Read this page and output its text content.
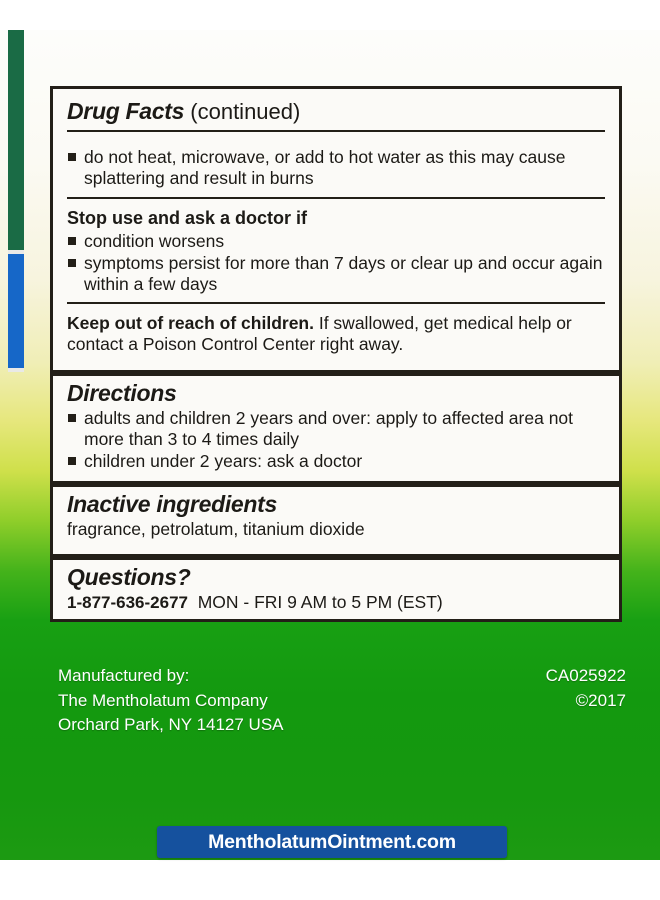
Drug Facts (continued)
do not heat, microwave, or add to hot water as this may cause splattering and result in burns
Stop use and ask a doctor if
condition worsens
symptoms persist for more than 7 days or clear up and occur again within a few days
Keep out of reach of children. If swallowed, get medical help or contact a Poison Control Center right away.
Directions
adults and children 2 years and over: apply to affected area not more than 3 to 4 times daily
children under 2 years: ask a doctor
Inactive ingredients
fragrance, petrolatum, titanium dioxide
Questions?
1-877-636-2677 MON - FRI 9 AM to 5 PM (EST)
Manufactured by:
The Mentholatum Company
Orchard Park, NY 14127 USA
CA025922
©2017
MentholatumOintment.com
